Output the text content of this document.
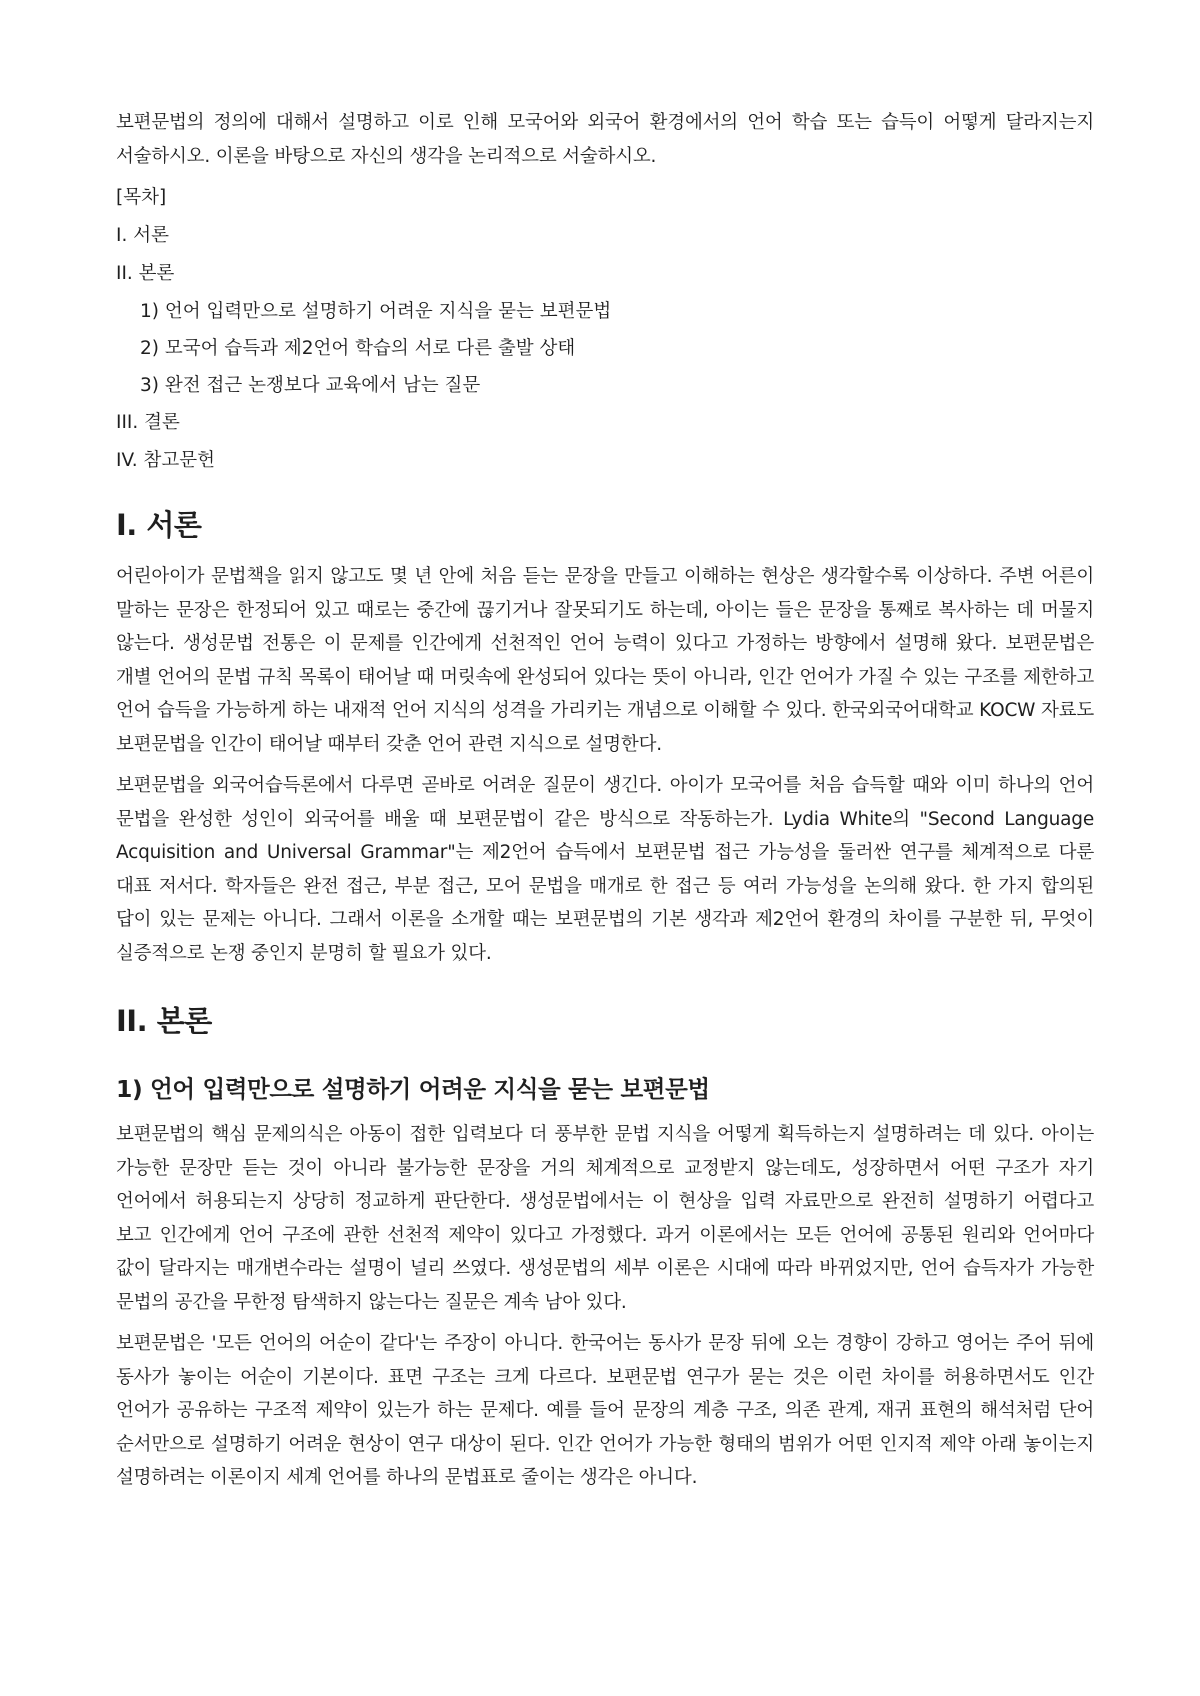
보편문법의 정의에 대해서 설명하고 이로 인해 모국어와 외국어 환경에서의 언어 학습 또는 습득이 어떻게 달라지는지 서술하시오. 이론을 바탕으로 자신의 생각을 논리적으로 서술하시오.

[목차]
I. 서론
II. 본론
1) 언어 입력만으로 설명하기 어려운 지식을 묻는 보편문법
2) 모국어 습득과 제2언어 학습의 서로 다른 출발 상태
3) 완전 접근 논쟁보다 교육에서 남는 질문
III. 결론
IV. 참고문헌
I. 서론

어린아이가 문법책을 읽지 않고도 몇 년 안에 처음 듣는 문장을 만들고 이해하는 현상은 생각할수록 이상하다. 주변 어른이 말하는 문장은 한정되어 있고 때로는 중간에 끊기거나 잘못되기도 하는데, 아이는 들은 문장을 통째로 복사하는 데 머물지 않는다. 생성문법 전통은 이 문제를 인간에게 선천적인 언어 능력이 있다고 가정하는 방향에서 설명해 왔다. 보편문법은 개별 언어의 문법 규칙 목록이 태어날 때 머릿속에 완성되어 있다는 뜻이 아니라, 인간 언어가 가질 수 있는 구조를 제한하고 언어 습득을 가능하게 하는 내재적 언어 지식의 성격을 가리키는 개념으로 이해할 수 있다. 한국외국어대학교 KOCW 자료도 보편문법을 인간이 태어날 때부터 갖춘 언어 관련 지식으로 설명한다.

보편문법을 외국어습득론에서 다루면 곧바로 어려운 질문이 생긴다. 아이가 모국어를 처음 습득할 때와 이미 하나의 언어 문법을 완성한 성인이 외국어를 배울 때 보편문법이 같은 방식으로 작동하는가. Lydia White의 "Second Language Acquisition and Universal Grammar"는 제2언어 습득에서 보편문법 접근 가능성을 둘러싼 연구를 체계적으로 다룬 대표 저서다. 학자들은 완전 접근, 부분 접근, 모어 문법을 매개로 한 접근 등 여러 가능성을 논의해 왔다. 한 가지 합의된 답이 있는 문제는 아니다. 그래서 이론을 소개할 때는 보편문법의 기본 생각과 제2언어 환경의 차이를 구분한 뒤, 무엇이 실증적으로 논쟁 중인지 분명히 할 필요가 있다.

II. 본론
1) 언어 입력만으로 설명하기 어려운 지식을 묻는 보편문법

보편문법의 핵심 문제의식은 아동이 접한 입력보다 더 풍부한 문법 지식을 어떻게 획득하는지 설명하려는 데 있다. 아이는 가능한 문장만 듣는 것이 아니라 불가능한 문장을 거의 체계적으로 교정받지 않는데도, 성장하면서 어떤 구조가 자기 언어에서 허용되는지 상당히 정교하게 판단한다. 생성문법에서는 이 현상을 입력 자료만으로 완전히 설명하기 어렵다고 보고 인간에게 언어 구조에 관한 선천적 제약이 있다고 가정했다. 과거 이론에서는 모든 언어에 공통된 원리와 언어마다 값이 달라지는 매개변수라는 설명이 널리 쓰였다. 생성문법의 세부 이론은 시대에 따라 바뀌었지만, 언어 습득자가 가능한 문법의 공간을 무한정 탐색하지 않는다는 질문은 계속 남아 있다.

보편문법은 '모든 언어의 어순이 같다'는 주장이 아니다. 한국어는 동사가 문장 뒤에 오는 경향이 강하고 영어는 주어 뒤에 동사가 놓이는 어순이 기본이다. 표면 구조는 크게 다르다. 보편문법 연구가 묻는 것은 이런 차이를 허용하면서도 인간 언어가 공유하는 구조적 제약이 있는가 하는 문제다. 예를 들어 문장의 계층 구조, 의존 관계, 재귀 표현의 해석처럼 단어 순서만으로 설명하기 어려운 현상이 연구 대상이 된다. 인간 언어가 가능한 형태의 범위가 어떤 인지적 제약 아래 놓이는지 설명하려는 이론이지 세계 언어를 하나의 문법표로 줄이는 생각은 아니다.
